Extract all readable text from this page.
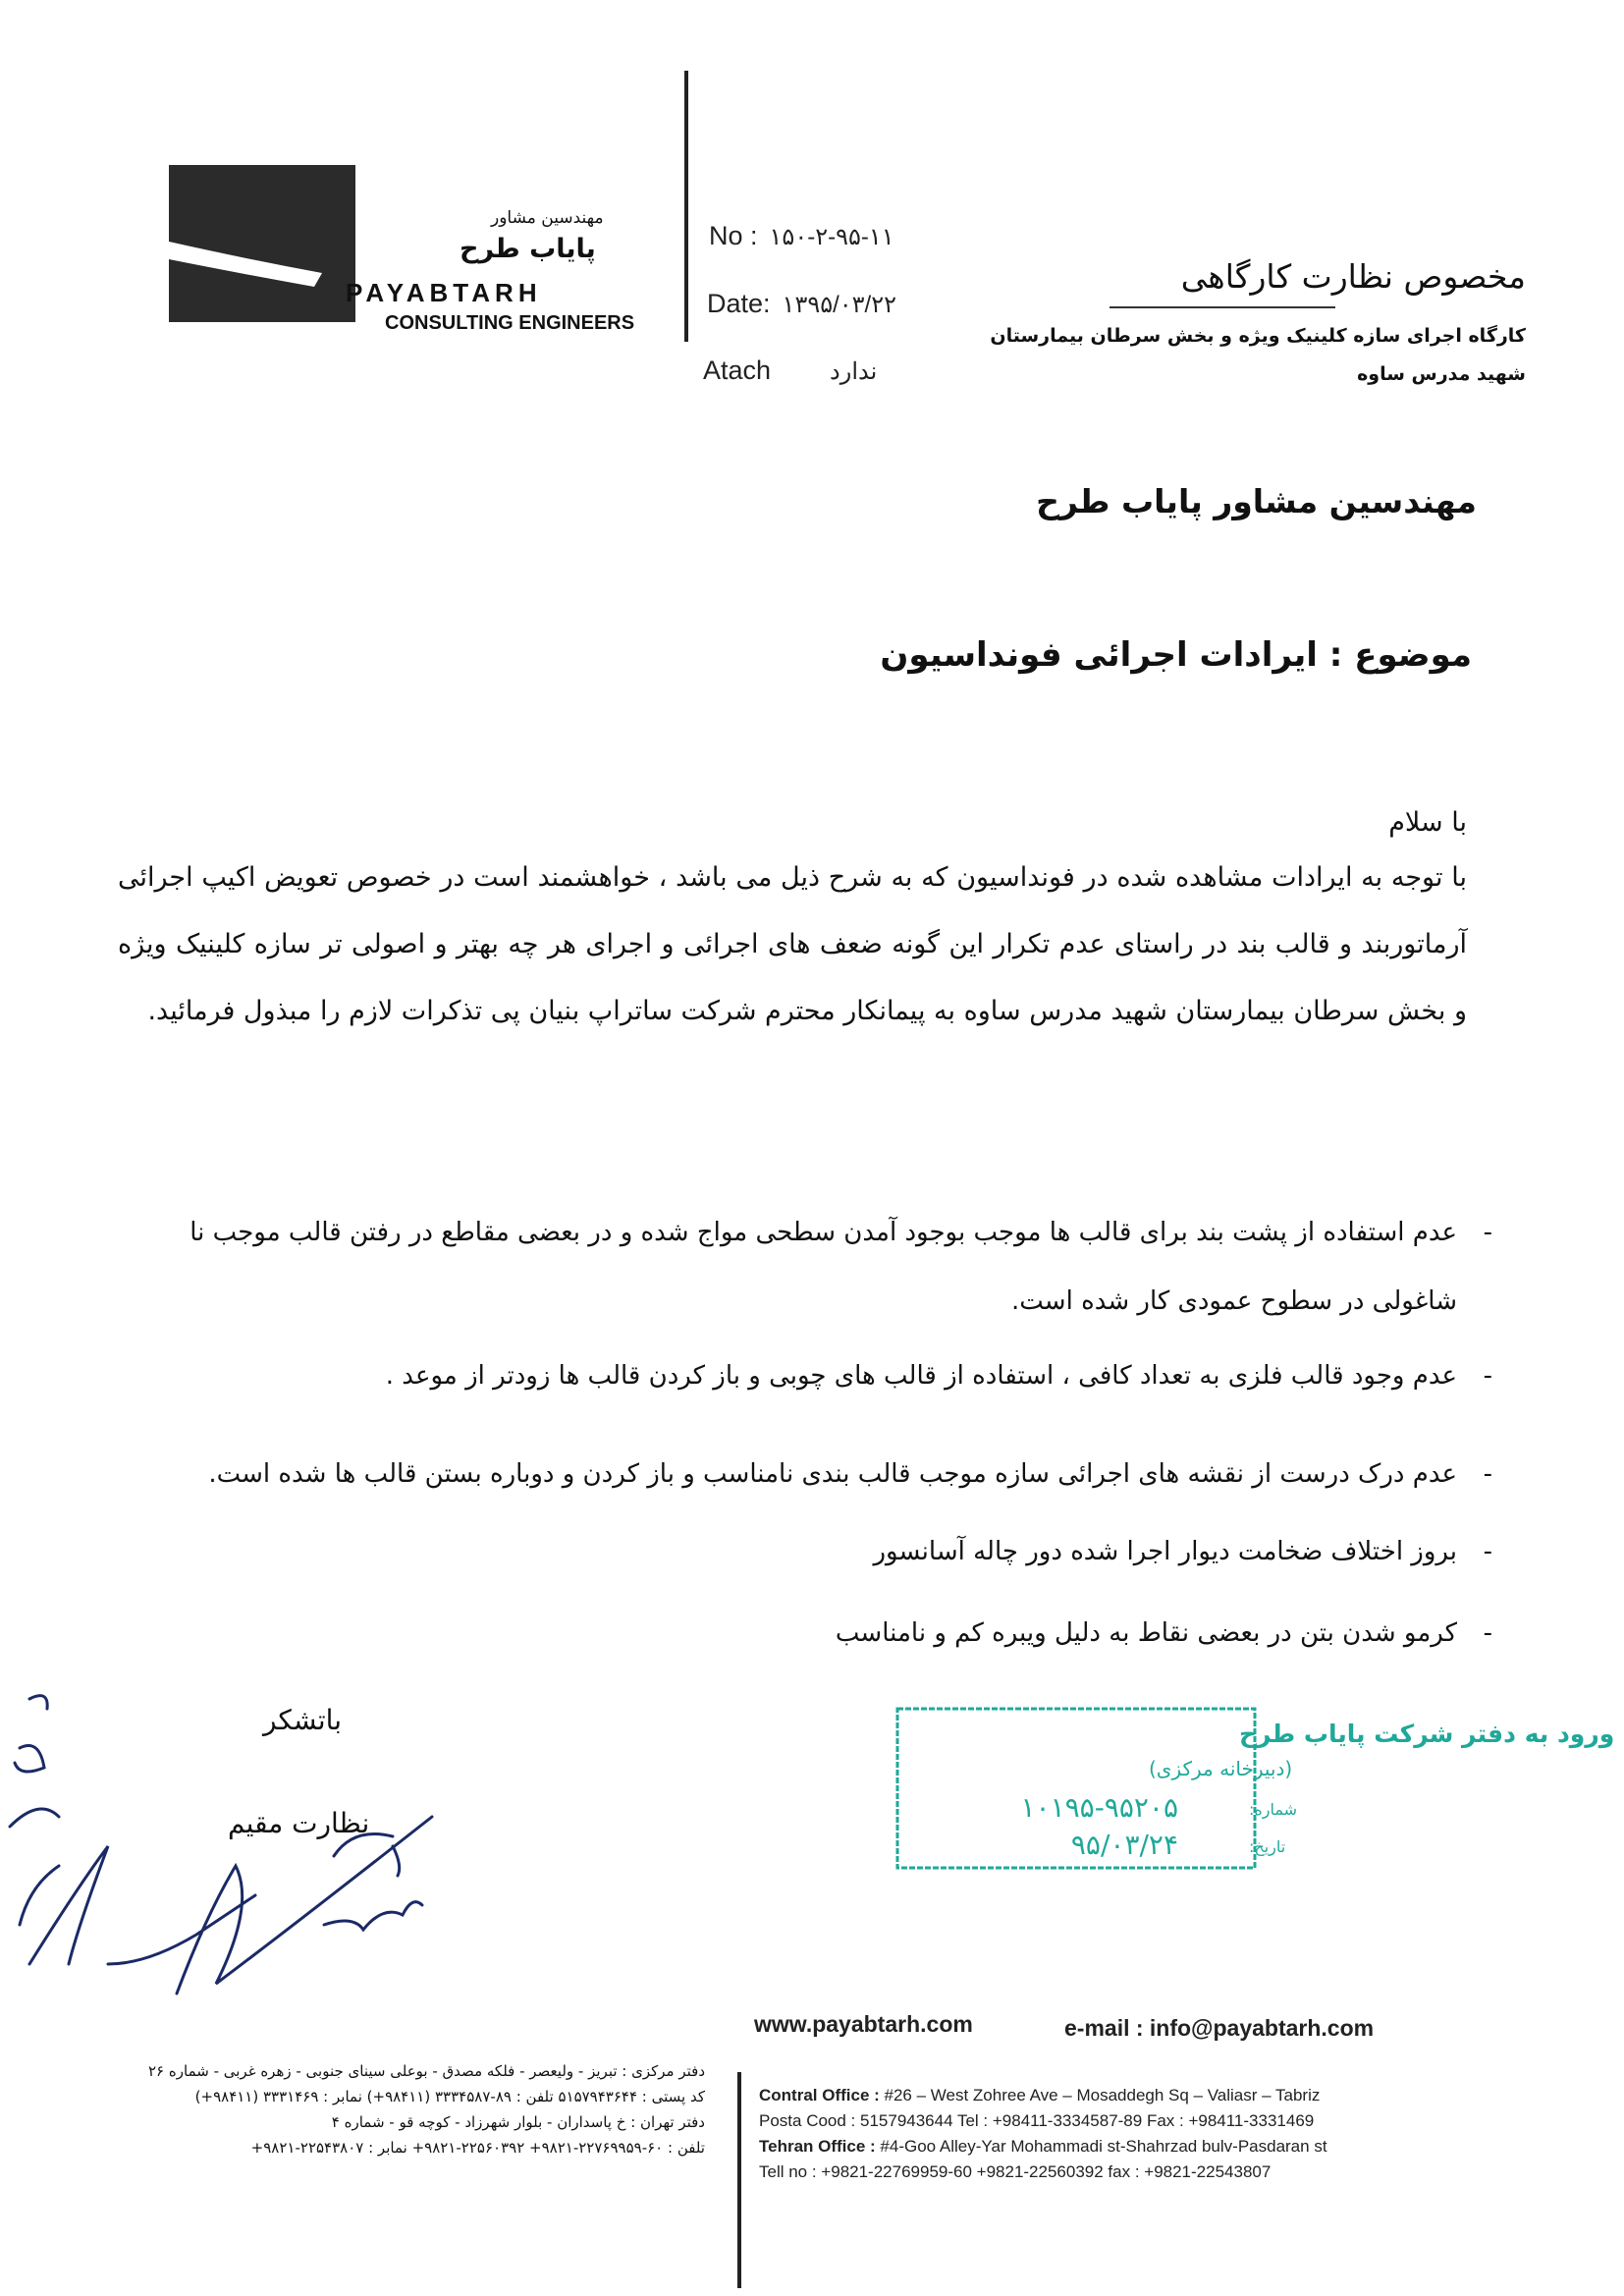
مهندسین مشاور
پایاب طرح
PAYABTARH
CONSULTING ENGINEERS
No : ۱۵۰-۲-۹۵-۱۱
Date: ۱۳۹۵/۰۳/۲۲
Atach	ندارد
مخصوص نظارت کارگاهی
کارگاه اجرای سازه کلینیک ویژه و بخش سرطان بیمارستان
شهید مدرس ساوه
مهندسین مشاور پایاب طرح
موضوع : ایرادات اجرائی فونداسیون
با سلام
با توجه به ایرادات مشاهده شده در فونداسیون که به شرح ذیل می باشد ، خواهشمند است در خصوص تعویض اکیپ اجرائی آرماتوربند و قالب بند در راستای عدم تکرار این گونه ضعف های اجرائی و اجرای هر چه بهتر و اصولی تر سازه کلینیک ویژه و بخش سرطان بیمارستان شهید مدرس ساوه به پیمانکار محترم شرکت ساتراپ بنیان پی تذکرات لازم را مبذول فرمائید.
-
عدم استفاده از پشت بند برای قالب ها موجب بوجود آمدن سطحی مواج شده و در بعضی مقاطع در رفتن قالب موجب نا شاغولی در سطوح عمودی کار شده است.
-
عدم وجود قالب فلزی به تعداد کافی ، استفاده از قالب های چوبی و باز کردن قالب ها زودتر از موعد .
-
عدم درک درست از نقشه های اجرائی سازه موجب قالب بندی نامناسب و باز کردن و دوباره بستن قالب ها شده است.
-
بروز اختلاف ضخامت دیوار اجرا شده دور چاله آسانسور
-
کرمو شدن بتن در بعضی نقاط به دلیل ویبره کم و نامناسب
باتشکر
نظارت مقیم
ورود به دفتر شرکت پایاب طرح
(دبیرخانه مرکزی)
شماره:
۱۰۱۹۵-۹۵۲۰۵
تاریخ:
۹۵/۰۳/۲۴
www.payabtarh.com	e-mail : info@payabtarh.com
دفتر مرکزی : تبریز - ولیعصر - فلکه مصدق - بوعلی سینای جنوبی - زهره غربی - شماره ۲۶
کد پستی : ۵۱۵۷۹۴۳۶۴۴ تلفن : ۸۹-۳۳۳۴۵۸۷ (۹۸۴۱۱+) نمابر : ۳۳۳۱۴۶۹ (۹۸۴۱۱+)
دفتر تهران : خ پاسداران - بلوار شهرزاد - کوچه قو - شماره ۴
تلفن : ۶۰-۲۲۷۶۹۹۵۹-۹۸۲۱+ ۲۲۵۶۰۳۹۲-۹۸۲۱+ نمابر : ۲۲۵۴۳۸۰۷-۹۸۲۱+
Contral Office : #26 – West Zohree Ave – Mosaddegh Sq – Valiasr – Tabriz
Posta Cood : 5157943644 Tel : +98411-3334587-89 Fax : +98411-3331469
Tehran Office : #4-Goo Alley-Yar Mohammadi st-Shahrzad bulv-Pasdaran st
Tell no : +9821-22769959-60 +9821-22560392 fax : +9821-22543807
